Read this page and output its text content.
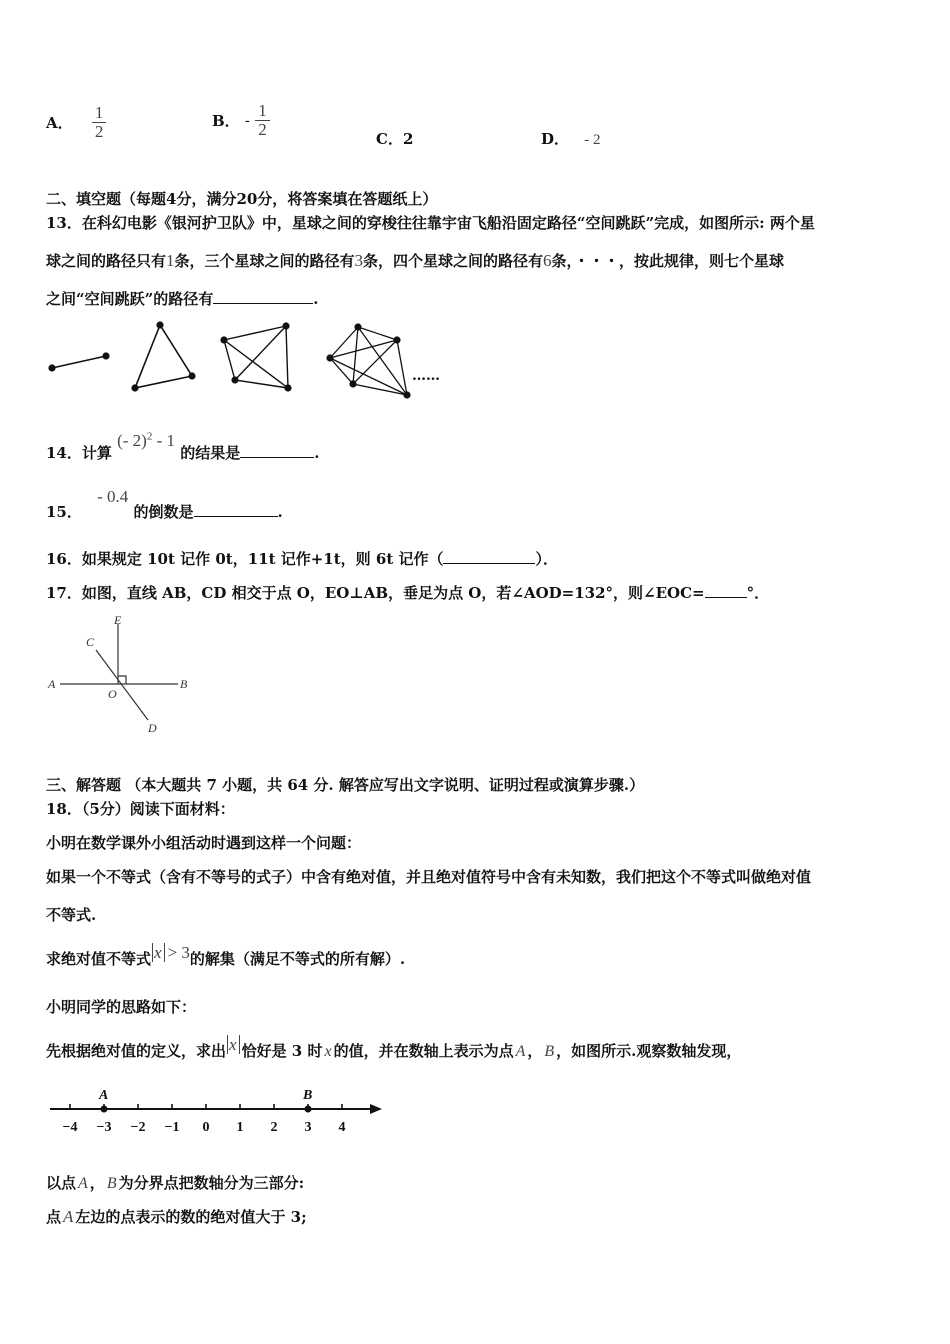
A． $\frac{1}{2}$	B． - $\frac{1}{2}$
C．2	D． - 2
二、填空题（每题4分，满分20分，将答案填在答题纸上）
13．在科幻电影《银河护卫队》中，星球之间的穿梭往往靠宇宙飞船沿固定路径“空间跳跃”完成，如图所示: 两个星
球之间的路径只有1条，三个星球之间的路径有3条，四个星球之间的路径有6条，・・・，按此规律，则七个星球
之间“空间跳跃”的路径有	.
……
14．计算 (- 2)$^2$ - 1 的结果是	.
15． - 0.4 的倒数是	.
16．如果规定 10t 记作 0t，11t 记作+1t，则 6t 记作（	）．
17．如图，直线 AB，CD 相交于点 O，EO⊥AB，垂足为点 O，若∠AOD=132°，则∠EOC=	°．
A	B
C
D
E
O
三、解答题 （本大题共 7 小题，共 64 分. 解答应写出文字说明、证明过程或演算步骤.）
18．（5分）阅读下面材料：
小明在数学课外小组活动时遇到这样一个问题：
如果一个不等式（含有不等号的式子）中含有绝对值，并且绝对值符号中含有未知数，我们把这个不等式叫做绝对值
不等式.
求绝对值不等式 x > 3的解集（满足不等式的所有解）.
小明同学的思路如下：
先根据绝对值的定义，求出 x 恰好是 3 时 x 的值，并在数轴上表示为点 A ， B ，如图所示.观察数轴发现，
−4 −3 −2 −1 0 1 2 3 4
A	B
以点 A ， B 为分界点把数轴分为三部分:
点 A 左边的点表示的数的绝对值大于 3;
